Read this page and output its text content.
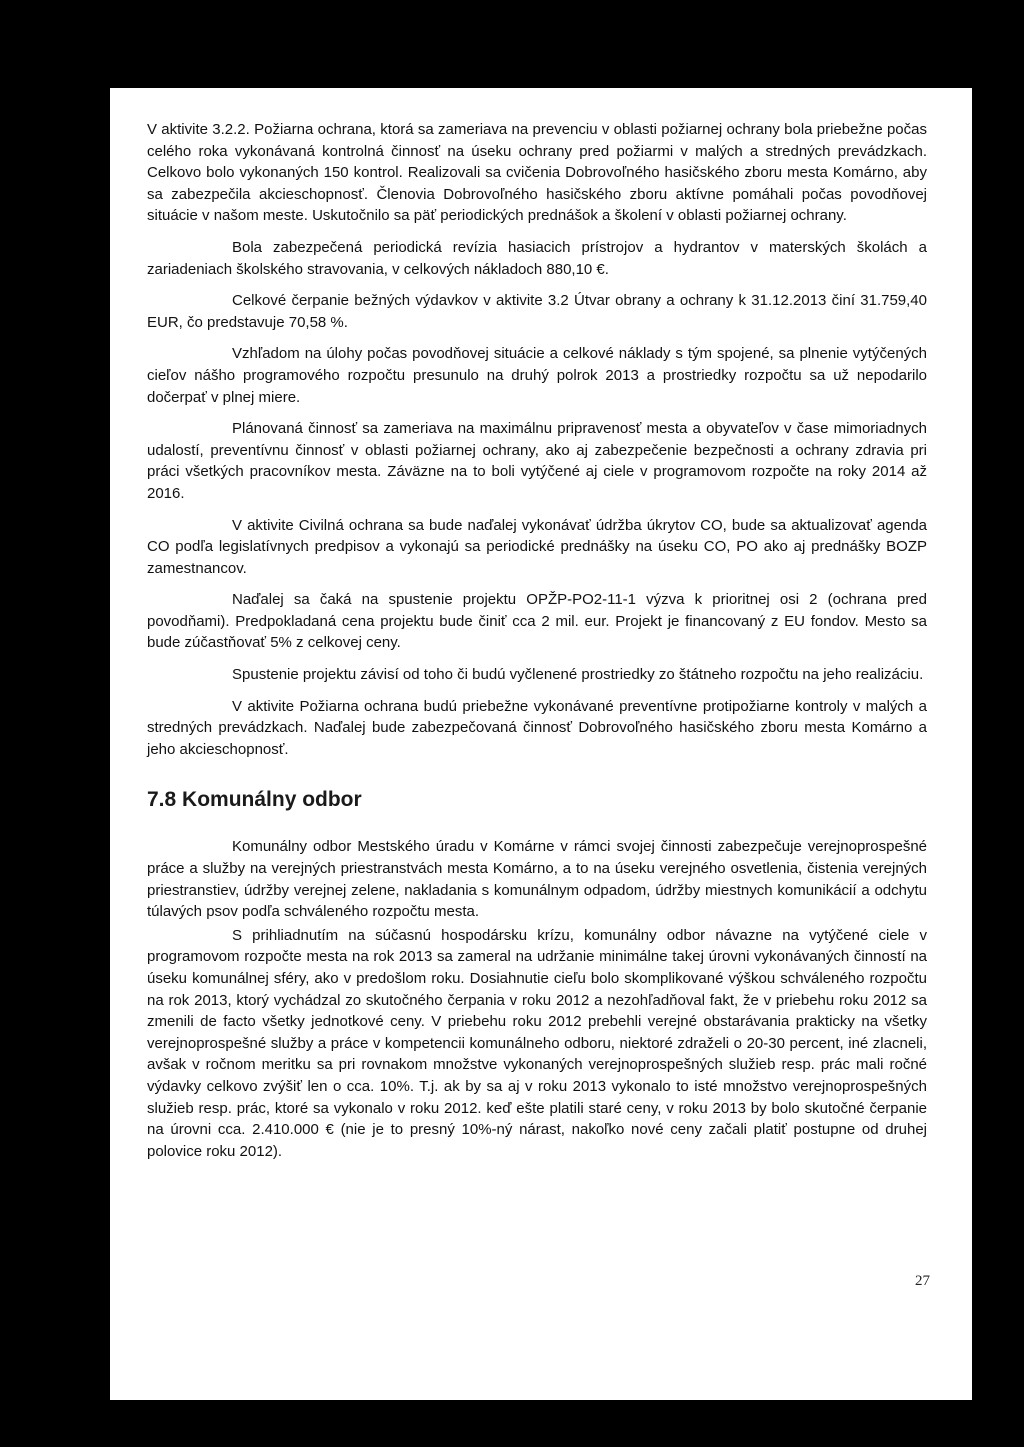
V aktivite 3.2.2. Požiarna ochrana, ktorá sa zameriava na prevenciu v oblasti požiarnej ochrany bola priebežne počas celého roka vykonávaná kontrolná činnosť na úseku ochrany pred požiarmi v malých a stredných prevádzkach. Celkovo bolo vykonaných 150 kontrol. Realizovali sa cvičenia Dobrovoľného hasičského zboru mesta Komárno, aby sa zabezpečila akcieschopnosť. Členovia Dobrovoľného hasičského zboru aktívne pomáhali počas povodňovej situácie v našom meste. Uskutočnilo sa päť periodických prednášok a školení v oblasti požiarnej ochrany.

Bola zabezpečená periodická revízia hasiacich prístrojov a hydrantov v materských školách a zariadeniach školského stravovania, v celkových nákladoch 880,10 €.

Celkové čerpanie bežných výdavkov v aktivite 3.2 Útvar obrany a ochrany k 31.12.2013 činí 31.759,40 EUR, čo predstavuje 70,58 %.

Vzhľadom na úlohy počas povodňovej situácie a celkové náklady s tým spojené, sa plnenie vytýčených cieľov nášho programového rozpočtu presunulo na druhý polrok 2013 a prostriedky rozpočtu sa už nepodarilo dočerpať v plnej miere.

Plánovaná činnosť sa zameriava na maximálnu pripravenosť mesta a obyvateľov v čase mimoriadnych udalostí, preventívnu činnosť v oblasti požiarnej ochrany, ako aj zabezpečenie bezpečnosti a ochrany zdravia pri práci všetkých pracovníkov mesta. Záväzne na to boli vytýčené aj ciele v programovom rozpočte na roky 2014 až 2016.

V aktivite Civilná ochrana sa bude naďalej vykonávať údržba úkrytov CO, bude sa aktualizovať agenda CO podľa legislatívnych predpisov a vykonajú sa periodické prednášky na úseku CO, PO ako aj prednášky BOZP zamestnancov.

Naďalej sa čaká na spustenie projektu OPŽP-PO2-11-1 výzva k prioritnej osi 2 (ochrana pred povodňami). Predpokladaná cena projektu bude činiť cca 2 mil. eur. Projekt je financovaný z EU fondov. Mesto sa bude zúčastňovať 5% z celkovej ceny.

Spustenie projektu závisí od toho či budú vyčlenené prostriedky zo štátneho rozpočtu na jeho realizáciu.

V aktivite Požiarna ochrana budú priebežne vykonávané preventívne protipožiarne kontroly v malých a stredných prevádzkach. Naďalej bude zabezpečovaná činnosť Dobrovoľného hasičského zboru mesta Komárno a jeho akcieschopnosť.

7.8 Komunálny odbor

Komunálny odbor Mestského úradu v Komárne v rámci svojej činnosti zabezpečuje verejnoprospešné práce a služby na verejných priestranstvách mesta Komárno, a to na úseku verejného osvetlenia, čistenia verejných priestranstiev, údržby verejnej zelene, nakladania s komunálnym odpadom, údržby miestnych komunikácií a odchytu túlavých psov podľa schváleného rozpočtu mesta.

S prihliadnutím na súčasnú hospodársku krízu, komunálny odbor návazne na vytýčené ciele v programovom rozpočte mesta na rok 2013 sa zameral na udržanie minimálne takej úrovni vykonávaných činností na úseku komunálnej sféry, ako v predošlom roku. Dosiahnutie cieľu bolo skomplikované výškou schváleného rozpočtu na rok 2013, ktorý vychádzal zo skutočného čerpania v roku 2012 a nezohľadňoval fakt, že v priebehu roku 2012 sa zmenili de facto všetky jednotkové ceny. V priebehu roku 2012 prebehli verejné obstarávania prakticky na všetky verejnoprospešné služby a práce v kompetencii komunálneho odboru, niektoré zdraželi o 20-30 percent, iné zlacneli, avšak v ročnom meritku sa pri rovnakom množstve vykonaných verejnoprospešných služieb resp. prác mali ročné výdavky celkovo zvýšiť len o cca. 10%. T.j. ak by sa aj v roku 2013 vykonalo to isté množstvo verejnoprospešných služieb resp. prác, ktoré sa vykonalo v roku 2012. keď ešte platili staré ceny, v roku 2013 by bolo skutočné čerpanie na úrovni cca. 2.410.000 € (nie je to presný 10%-ný nárast, nakoľko nové ceny začali platiť postupne od druhej polovice roku 2012).

27
